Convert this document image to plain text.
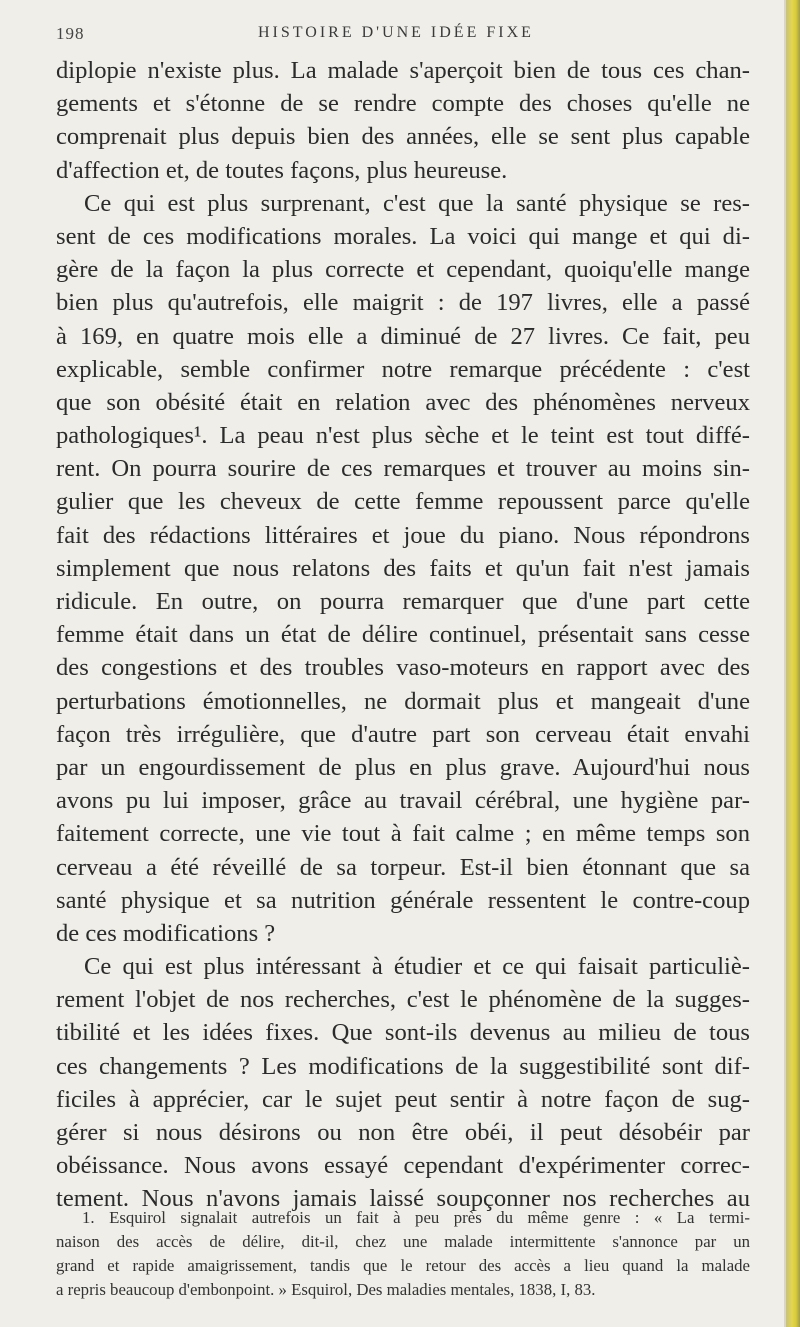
198	HISTOIRE D'UNE IDÉE FIXE
diplopie n'existe plus. La malade s'aperçoit bien de tous ces chan-
gements et s'étonne de se rendre compte des choses qu'elle ne
comprenait plus depuis bien des années, elle se sent plus capable
d'affection et, de toutes façons, plus heureuse.
Ce qui est plus surprenant, c'est que la santé physique se res-
sent de ces modifications morales. La voici qui mange et qui di-
gère de la façon la plus correcte et cependant, quoiqu'elle mange
bien plus qu'autrefois, elle maigrit : de 197 livres, elle a passé
à 169, en quatre mois elle a diminué de 27 livres. Ce fait, peu
explicable, semble confirmer notre remarque précédente : c'est
que son obésité était en relation avec des phénomènes nerveux
pathologiques¹. La peau n'est plus sèche et le teint est tout diffé-
rent. On pourra sourire de ces remarques et trouver au moins sin-
gulier que les cheveux de cette femme repoussent parce qu'elle
fait des rédactions littéraires et joue du piano. Nous répondrons
simplement que nous relatons des faits et qu'un fait n'est jamais
ridicule. En outre, on pourra remarquer que d'une part cette
femme était dans un état de délire continuel, présentait sans cesse
des congestions et des troubles vaso-moteurs en rapport avec des
perturbations émotionnelles, ne dormait plus et mangeait d'une
façon très irrégulière, que d'autre part son cerveau était envahi
par un engourdissement de plus en plus grave. Aujourd'hui nous
avons pu lui imposer, grâce au travail cérébral, une hygiène par-
faitement correcte, une vie tout à fait calme ; en même temps son
cerveau a été réveillé de sa torpeur. Est-il bien étonnant que sa
santé physique et sa nutrition générale ressentent le contre-coup
de ces modifications ?
Ce qui est plus intéressant à étudier et ce qui faisait particuliè-
rement l'objet de nos recherches, c'est le phénomène de la sugges-
tibilité et les idées fixes. Que sont-ils devenus au milieu de tous
ces changements ? Les modifications de la suggestibilité sont dif-
ficiles à apprécier, car le sujet peut sentir à notre façon de sug-
gérer si nous désirons ou non être obéi, il peut désobéir par
obéissance. Nous avons essayé cependant d'expérimenter correc-
tement. Nous n'avons jamais laissé soupçonner nos recherches au
1. Esquirol signalait autrefois un fait à peu près du même genre : « La termi-
naison des accès de délire, dit-il, chez une malade intermittente s'annonce par un
grand et rapide amaigrissement, tandis que le retour des accès a lieu quand la malade
a repris beaucoup d'embonpoint. » Esquirol, Des maladies mentales, 1838, I, 83.
